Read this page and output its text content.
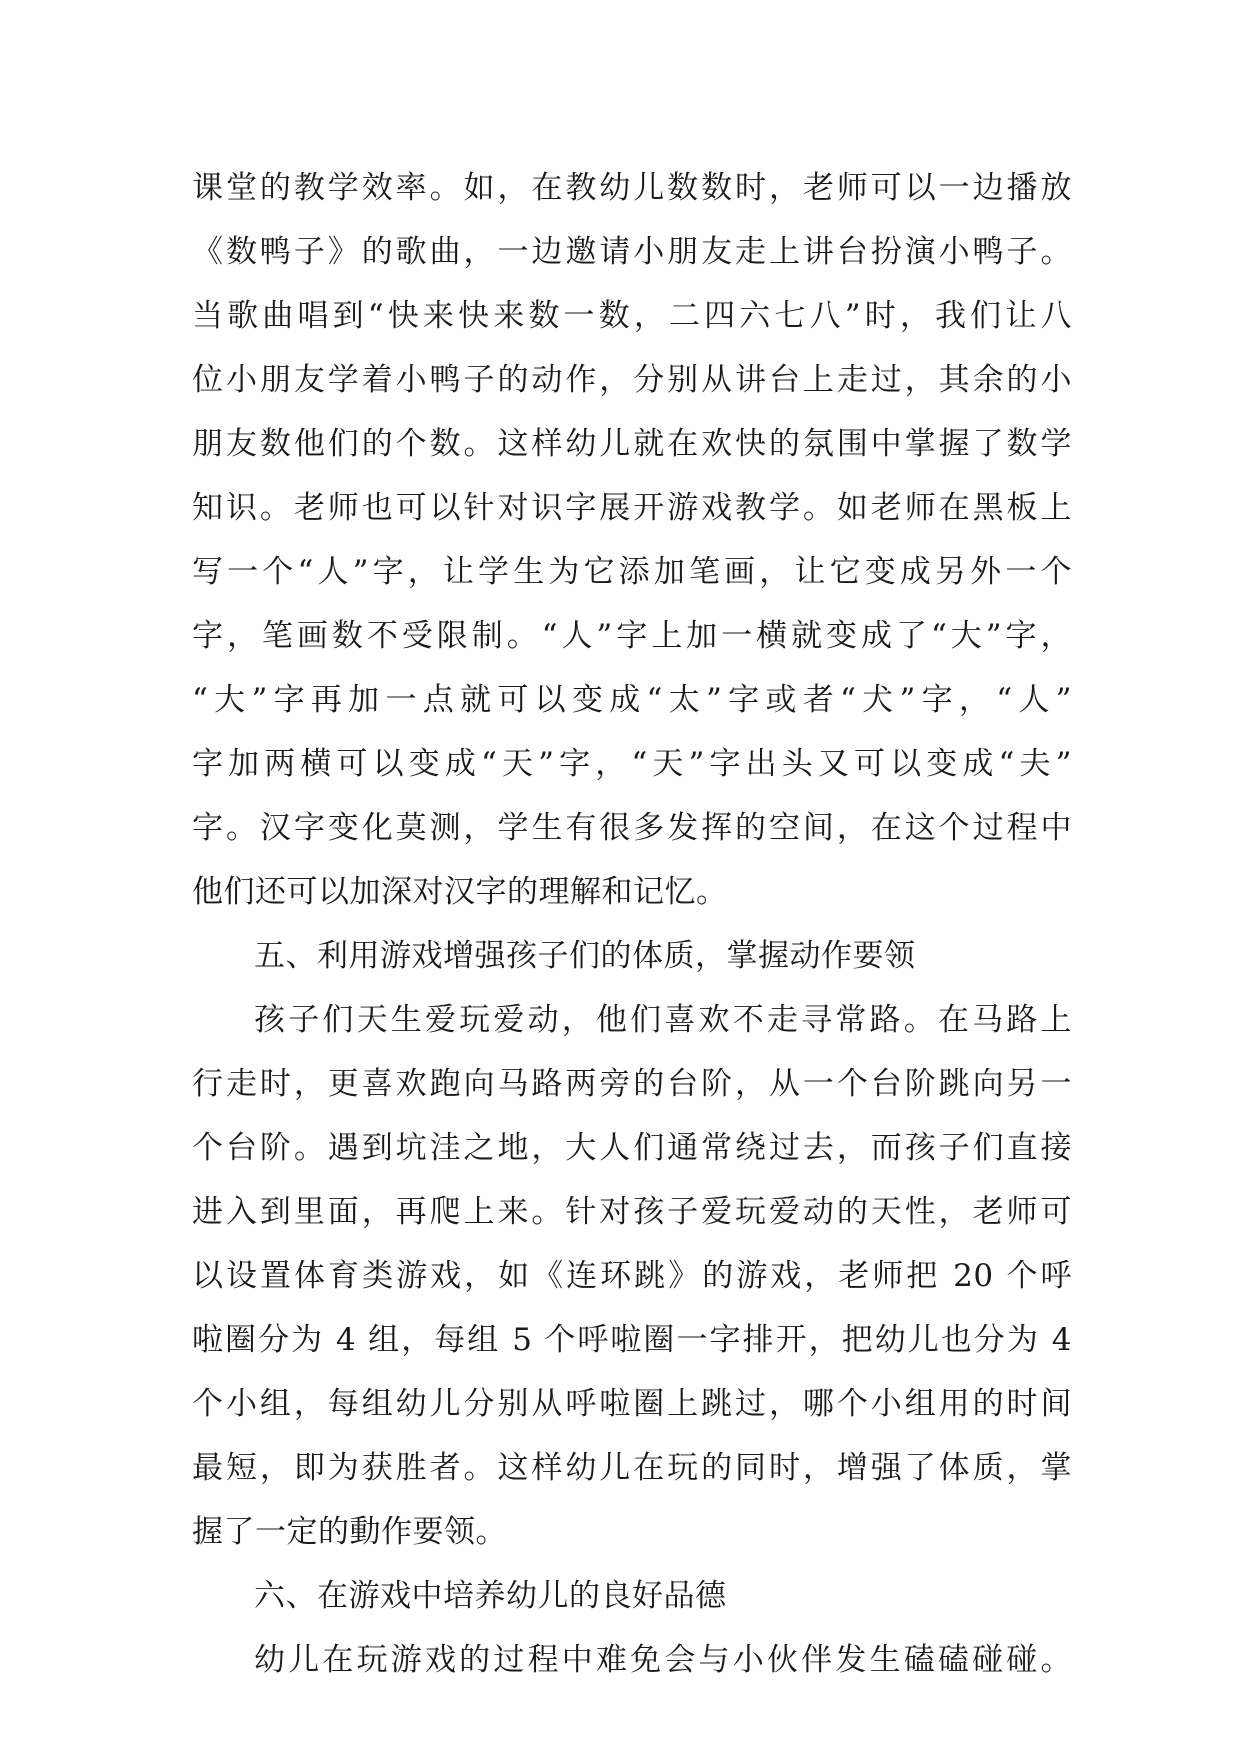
课堂的教学效率。如，在教幼儿数数时，老师可以一边播放
《数鸭子》的歌曲，一边邀请小朋友走上讲台扮演小鸭子。
当歌曲唱到“快来快来数一数，二四六七八”时，我们让八
位小朋友学着小鸭子的动作，分别从讲台上走过，其余的小
朋友数他们的个数。这样幼儿就在欢快的氛围中掌握了数学
知识。老师也可以针对识字展开游戏教学。如老师在黑板上
写一个“人”字，让学生为它添加笔画，让它变成另外一个
字，笔画数不受限制。“人”字上加一横就变成了“大”字，
“大”字再加一点就可以变成“太”字或者“犬”字，“人”
字加两横可以变成“天”字，“天”字出头又可以变成“夫”
字。汉字变化莫测，学生有很多发挥的空间，在这个过程中
他们还可以加深对汉字的理解和记忆。
五、利用游戏增强孩子们的体质，掌握动作要领
孩子们天生爱玩爱动，他们喜欢不走寻常路。在马路上
行走时，更喜欢跑向马路两旁的台阶，从一个台阶跳向另一
个台阶。遇到坑洼之地，大人们通常绕过去，而孩子们直接
进入到里面，再爬上来。针对孩子爱玩爱动的天性，老师可
以设置体育类游戏，如《连环跳》的游戏，老师把 20 个呼
啦圈分为 4 组，每组 5 个呼啦圈一字排开，把幼儿也分为 4
个小组，每组幼儿分别从呼啦圈上跳过，哪个小组用的时间
最短，即为获胜者。这样幼儿在玩的同时，增强了体质，掌
握了一定的動作要领。
六、在游戏中培养幼儿的良好品德
幼儿在玩游戏的过程中难免会与小伙伴发生磕磕碰碰。
